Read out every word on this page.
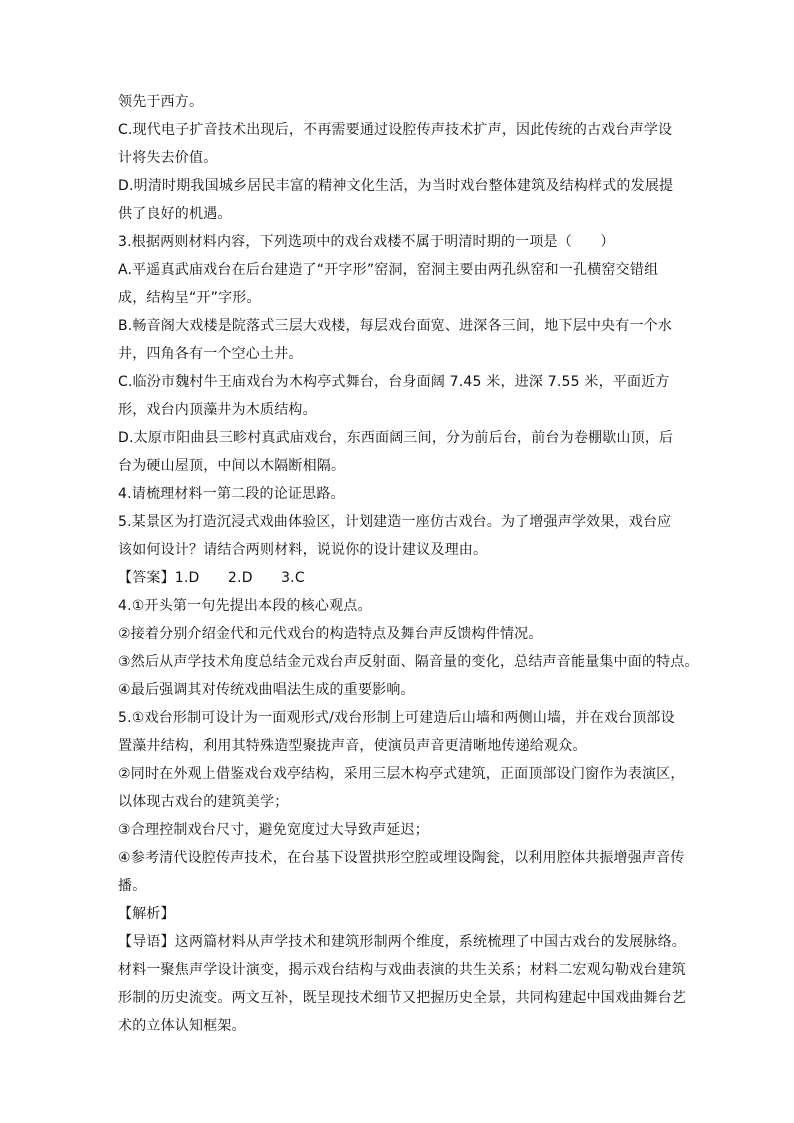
领先于西方。
C.现代电子扩音技术出现后，不再需要通过设腔传声技术扩声，因此传统的古戏台声学设
计将失去价值。
D.明清时期我国城乡居民丰富的精神文化生活，为当时戏台整体建筑及结构样式的发展提
供了良好的机遇。
3.根据两则材料内容，下列选项中的戏台戏楼不属于明清时期的一项是（　　）
A.平遥真武庙戏台在后台建造了“开字形”窑洞，窑洞主要由两孔纵窑和一孔横窑交错组
成，结构呈“开”字形。
B.畅音阁大戏楼是院落式三层大戏楼，每层戏台面宽、进深各三间，地下层中央有一个水
井，四角各有一个空心土井。
C.临汾市魏村牛王庙戏台为木构亭式舞台，台身面阔 7.45 米，进深 7.55 米，平面近方
形，戏台内顶藻井为木质结构。
D.太原市阳曲县三畛村真武庙戏台，东西面阔三间，分为前后台，前台为卷棚歇山顶，后
台为硬山屋顶，中间以木隔断相隔。
4.请梳理材料一第二段的论证思路。
5.某景区为打造沉浸式戏曲体验区，计划建造一座仿古戏台。为了增强声学效果，戏台应
该如何设计？请结合两则材料，说说你的设计建议及理由。
【答案】1.D　　2.D　　3.C
4.①开头第一句先提出本段的核心观点。
②接着分别介绍金代和元代戏台的构造特点及舞台声反馈构件情况。
③然后从声学技术角度总结金元戏台声反射面、隔音量的变化，总结声音能量集中面的特点。
④最后强调其对传统戏曲唱法生成的重要影响。
5.①戏台形制可设计为一面观形式/戏台形制上可建造后山墙和两侧山墙，并在戏台顶部设
置藻井结构，利用其特殊造型聚拢声音，使演员声音更清晰地传递给观众。
②同时在外观上借鉴戏台戏亭结构，采用三层木构亭式建筑，正面顶部设门窗作为表演区，
以体现古戏台的建筑美学；
③合理控制戏台尺寸，避免宽度过大导致声延迟；
④参考清代设腔传声技术，在台基下设置拱形空腔或埋设陶瓮，以利用腔体共振增强声音传
播。
【解析】
【导语】这两篇材料从声学技术和建筑形制两个维度，系统梳理了中国古戏台的发展脉络。
材料一聚焦声学设计演变，揭示戏台结构与戏曲表演的共生关系；材料二宏观勾勒戏台建筑
形制的历史流变。两文互补，既呈现技术细节又把握历史全景，共同构建起中国戏曲舞台艺
术的立体认知框架。
